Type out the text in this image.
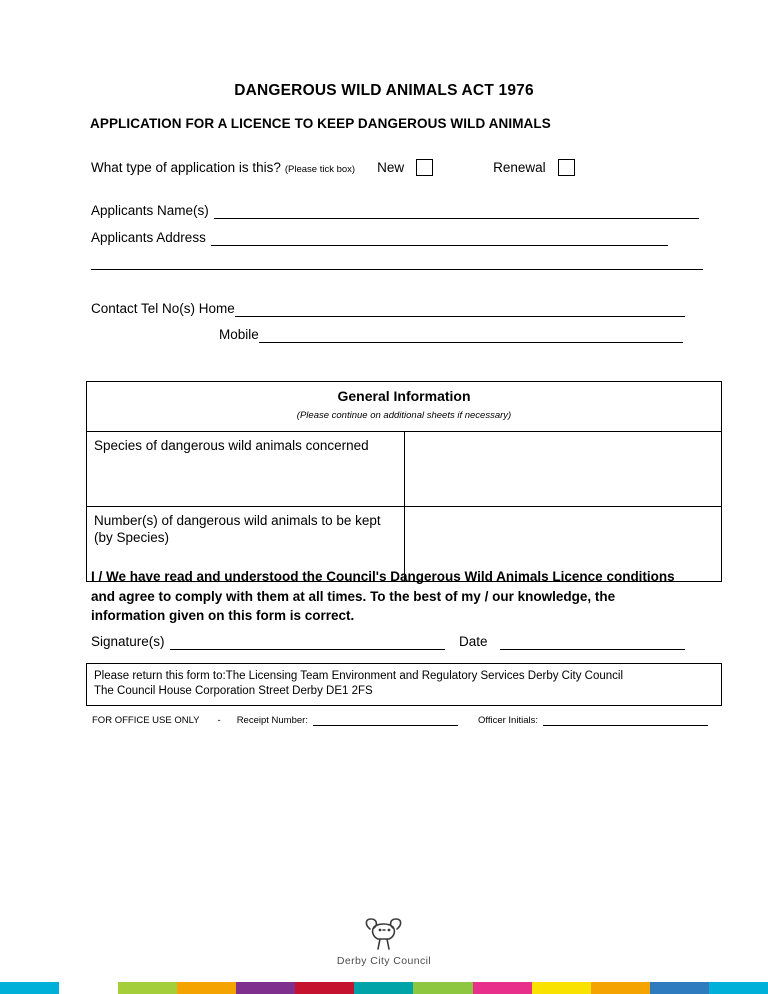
DANGEROUS WILD ANIMALS ACT 1976
APPLICATION FOR A LICENCE TO KEEP DANGEROUS WILD ANIMALS
What type of application is this? (Please tick box) New	Renewal
Applicants Name(s)
Applicants Address
Contact Tel No(s) Home
Mobile
General Information
(Please continue on additional sheets if necessary)	

Species of dangerous wild animals concerned	
Number(s) of dangerous wild animals to be kept (by Species)	
I / We have read and understood the Council's Dangerous Wild Animals Licence conditions and agree to comply with them at all times. To the best of my / our knowledge, the information given on this form is correct.
Signature(s)	Date
Please return this form to:The Licensing Team Environment and Regulatory Services Derby City Council
The Council House Corporation Street Derby DE1 2FS
FOR OFFICE USE ONLY - Receipt Number:	Officer Initials:
Derby City Council
